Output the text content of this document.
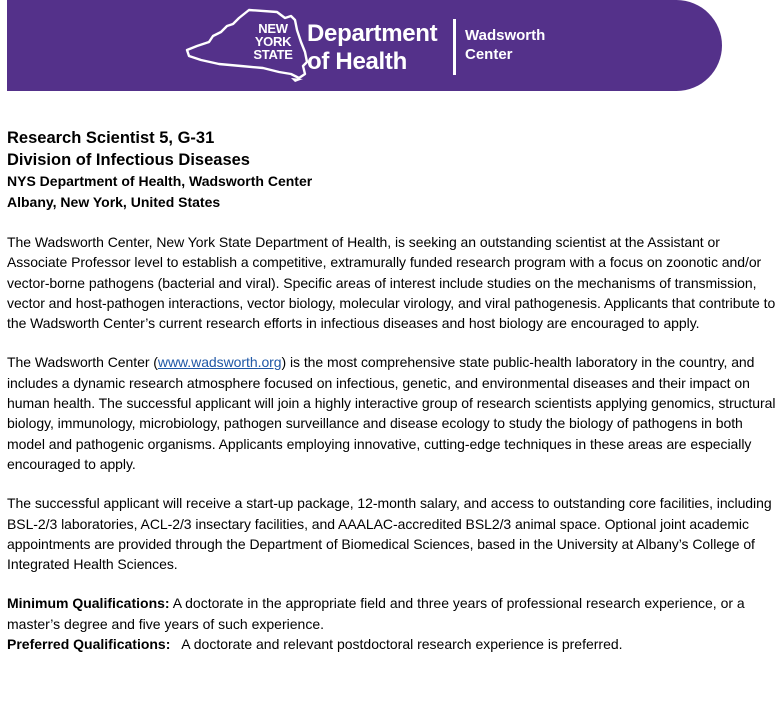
NEW
YORK
STATE
Department
of Health
Wadsworth
Center

Research Scientist 5, G-31

Division of Infectious Diseases

NYS Department of Health, Wadsworth Center

Albany, New York, United States

The Wadsworth Center, New York State Department of Health, is seeking an outstanding scientist at the Assistant or Associate Professor level to establish a competitive, extramurally funded research program with a focus on zoonotic and/or vector-borne pathogens (bacterial and viral). Specific areas of interest include studies on the mechanisms of transmission, vector and host-pathogen interactions, vector biology, molecular virology, and viral pathogenesis. Applicants that contribute to the Wadsworth Center’s current research efforts in infectious diseases and host biology are encouraged to apply.

The Wadsworth Center (www.wadsworth.org) is the most comprehensive state public-health laboratory in the country, and includes a dynamic research atmosphere focused on infectious, genetic, and environmental diseases and their impact on human health. The successful applicant will join a highly interactive group of research scientists applying genomics, structural biology, immunology, microbiology, pathogen surveillance and disease ecology to study the biology of pathogens in both model and pathogenic organisms. Applicants employing innovative, cutting-edge techniques in these areas are especially encouraged to apply.

The successful applicant will receive a start-up package, 12-month salary, and access to outstanding core facilities, including BSL-2/3 laboratories, ACL-2/3 insectary facilities, and AAALAC-accredited BSL2/3 animal space. Optional joint academic appointments are provided through the Department of Biomedical Sciences, based in the University at Albany’s College of Integrated Health Sciences.

Minimum Qualifications: A doctorate in the appropriate field and three years of professional research experience, or a master’s degree and five years of such experience.

Preferred Qualifications:   A doctorate and relevant postdoctoral research experience is preferred.
